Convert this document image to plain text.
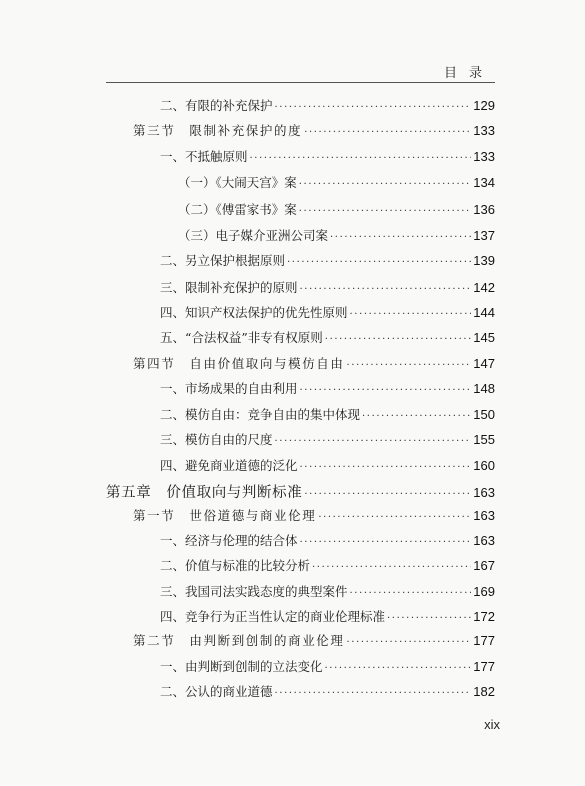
目录
二、有限的补充保护 ·····	129
第三节　限制补充保护的度 ·····	133
一、不抵触原则 ·····	133
（一）《大闹天宫》案 ·····	134
（二）《傅雷家书》案 ·····	136
（三）电子媒介亚洲公司案 ·····	137
二、另立保护根据原则 ·····	139
三、限制补充保护的原则 ·····	142
四、知识产权法保护的优先性原则 ·····	144
五、“合法权益”非专有权原则 ·····	145
第四节　自由价值取向与模仿自由 ·····	147
一、市场成果的自由利用 ·····	148
二、模仿自由：竞争自由的集中体现 ·····	150
三、模仿自由的尺度 ·····	155
四、避免商业道德的泛化 ·····	160
第五章　价值取向与判断标准 ·····	163
第一节　世俗道德与商业伦理 ·····	163
一、经济与伦理的结合体 ·····	163
二、价值与标准的比较分析 ·····	167
三、我国司法实践态度的典型案件 ·····	169
四、竞争行为正当性认定的商业伦理标准 ·····	172
第二节　由判断到创制的商业伦理 ·····	177
一、由判断到创制的立法变化 ·····	177
二、公认的商业道德 ·····	182
xix
